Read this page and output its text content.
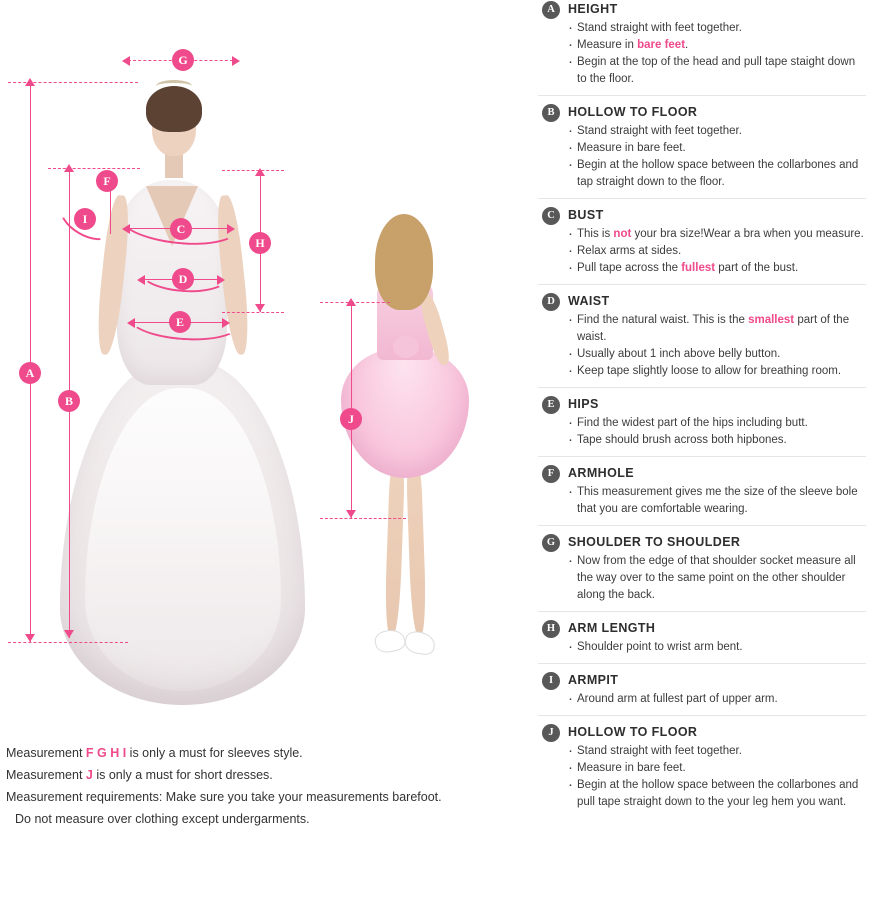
G
A
B
F
I
C
D
E
H
J
Measurement F G H I is only a must for sleeves style.
Measurement J is only a must for short dresses.
Measurement requirements: Make sure you take your measurements barefoot.
Do not measure over clothing except undergarments.
A	HEIGHT
· Stand straight with feet together.
· Measure in bare feet.
· Begin at the top of the head and pull tape staight down to the floor.
B	HOLLOW TO FLOOR
· Stand straight with feet together.
· Measure in bare feet.
· Begin at the hollow space between the collarbones and tap straight down to the floor.
C	BUST
· This is not your bra size!Wear a bra when you measure.
· Relax arms at sides.
· Pull tape across the fullest part of the bust.
D	WAIST
· Find the natural waist. This is the smallest part of the waist.
· Usually about 1 inch above belly button.
· Keep tape slightly loose to allow for breathing room.
E	HIPS
· Find the widest part of the hips including butt.
· Tape should brush across both hipbones.
F	ARMHOLE
· This measurement gives me the size of the sleeve bole that you are comfortable wearing.
G	SHOULDER TO SHOULDER
· Now from the edge of that shoulder socket measure all the way over to the same point on the other shoulder along the back.
H	ARM LENGTH
· Shoulder point to wrist arm bent.
I	ARMPIT
· Around arm at fullest part of upper arm.
J	HOLLOW TO FLOOR
· Stand straight with feet together.
· Measure in bare feet.
· Begin at the hollow space between the collarbones and pull tape straight down to the your leg hem you want.
